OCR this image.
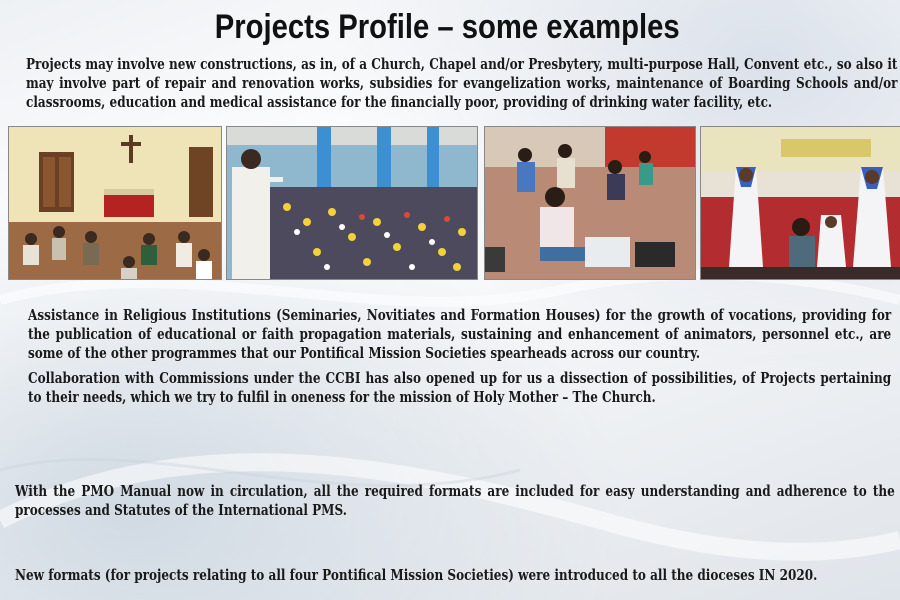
Projects Profile – some examples

Projects may involve new constructions, as in, of a Church, Chapel and/or Presbytery, multi-purpose Hall, Convent etc., so also it may involve part of repair and renovation works, subsidies for evangelization works, maintenance of Boarding Schools and/or classrooms, education and medical assistance for the financially poor, providing of drinking water facility, etc.

Assistance in Religious Institutions (Seminaries, Novitiates and Formation Houses) for the growth of vocations, providing for the publication of educational or faith propagation materials, sustaining and enhancement of animators, personnel etc., are some of the other programmes that our Pontifical Mission Societies spearheads across our country.

Collaboration with Commissions under the CCBI has also opened up for us a dissection of possibilities, of Projects pertaining to their needs, which we try to fulfil in oneness for the mission of Holy Mother – The Church.

With the PMO Manual now in circulation, all the required formats are included for easy understanding and adherence to the processes and Statutes of the International PMS.

New formats (for projects relating to all four Pontifical Mission Societies) were introduced to all the dioceses IN 2020.
